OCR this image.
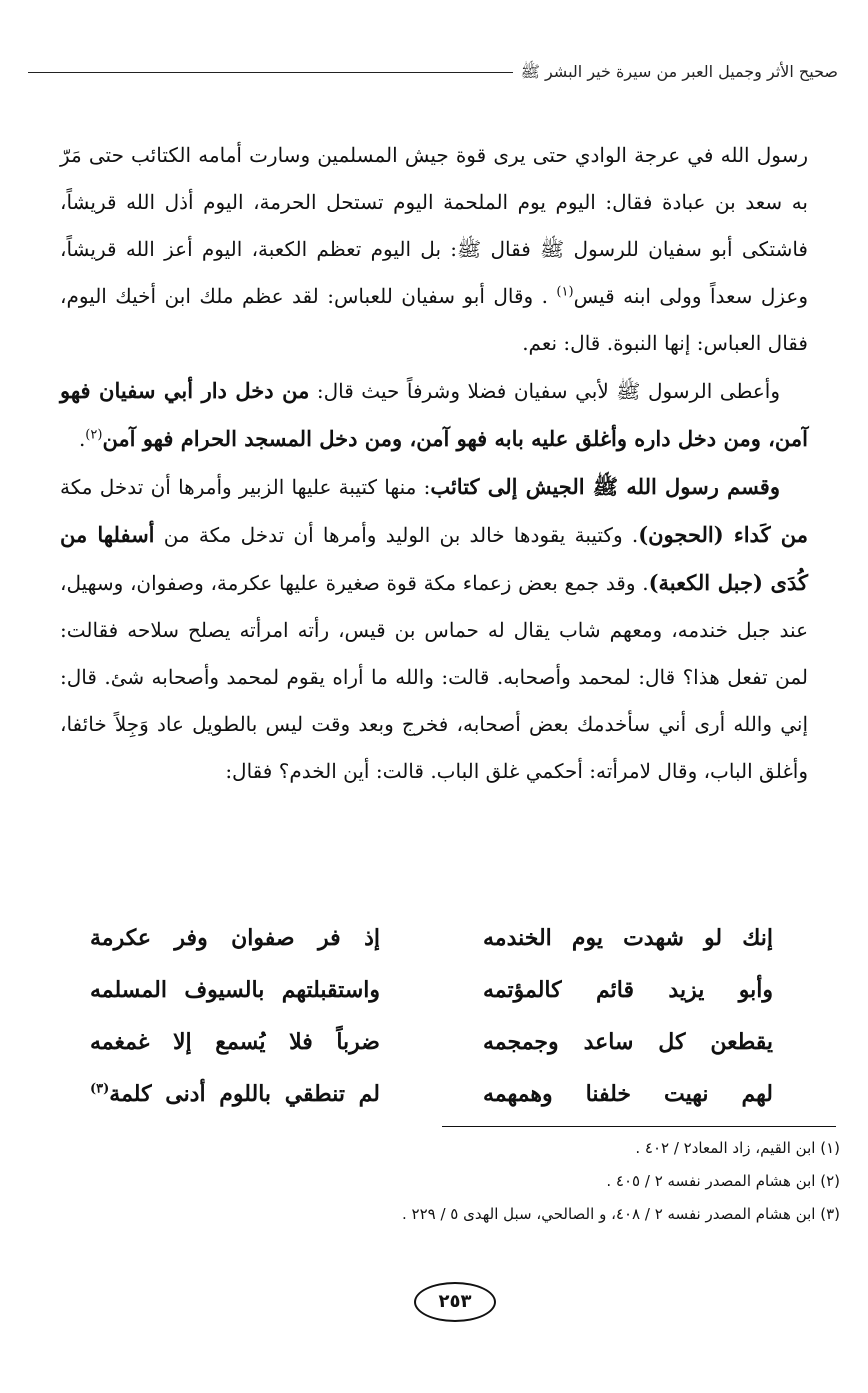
صحيح الأثر وجميل العبر من سيرة خير البشر ﷺ

رسول الله في عرجة الوادي حتى يرى قوة جيش المسلمين وسارت أمامه الكتائب حتى مَرّ به سعد بن عبادة فقال: اليوم يوم الملحمة اليوم تستحل الحرمة، اليوم أذل الله قريشاً، فاشتكى أبو سفيان للرسول ﷺ فقال ﷺ: بل اليوم تعظم الكعبة، اليوم أعز الله قريشاً، وعزل سعداً وولى ابنه قيس$^{(١)}$ . وقال أبو سفيان للعباس: لقد عظم ملك ابن أخيك اليوم، فقال العباس: إنها النبوة. قال: نعم.

وأعطى الرسول ﷺ لأبي سفيان فضلا وشرفاً حيث قال: من دخل دار أبي سفيان فهو آمن، ومن دخل داره وأغلق عليه بابه فهو آمن، ومن دخل المسجد الحرام فهو آمن$^{(٢)}$.

وقسم رسول الله ﷺ الجيش إلى كتائب: منها كتيبة عليها الزبير وأمرها أن تدخل مكة من كَداء (الحجون). وكتيبة يقودها خالد بن الوليد وأمرها أن تدخل مكة من أسفلها من كُدَى (جبل الكعبة). وقد جمع بعض زعماء مكة قوة صغيرة عليها عكرمة، وصفوان، وسهيل، عند جبل خندمه، ومعهم شاب يقال له حماس بن قيس، رأته امرأته يصلح سلاحه فقالت: لمن تفعل هذا؟ قال: لمحمد وأصحابه. قالت: والله ما أراه يقوم لمحمد وأصحابه شئ. قال: إني والله أرى أني سأخدمك بعض أصحابه، فخرج وبعد وقت ليس بالطويل عاد وَجِلاً خائفا، وأغلق الباب، وقال لامرأته: أحكمي غلق الباب. قالت: أين الخدم؟ فقال:

إنك لو شهدت يوم الخندمه
إذ فر صفوان وفر عكرمة
وأبو يزيد قائم كالمؤتمه
واستقبلتهم بالسيوف المسلمه
يقطعن كل ساعد وجمجمه
ضرباً فلا يُسمع إلا غمغمه
لهم نهيت خلفنا وهمهمه
لم تنطقي باللوم أدنى كلمة$^{(٣)}$

(١) ابن القيم، زاد المعاد٢ / ٤٠٢ .

(٢) ابن هشام المصدر نفسه ٢ / ٤٠٥ .

(٣) ابن هشام المصدر نفسه ٢ / ٤٠٨، و الصالحي، سبل الهدى ٥ / ٢٢٩ .

٢٥٣
